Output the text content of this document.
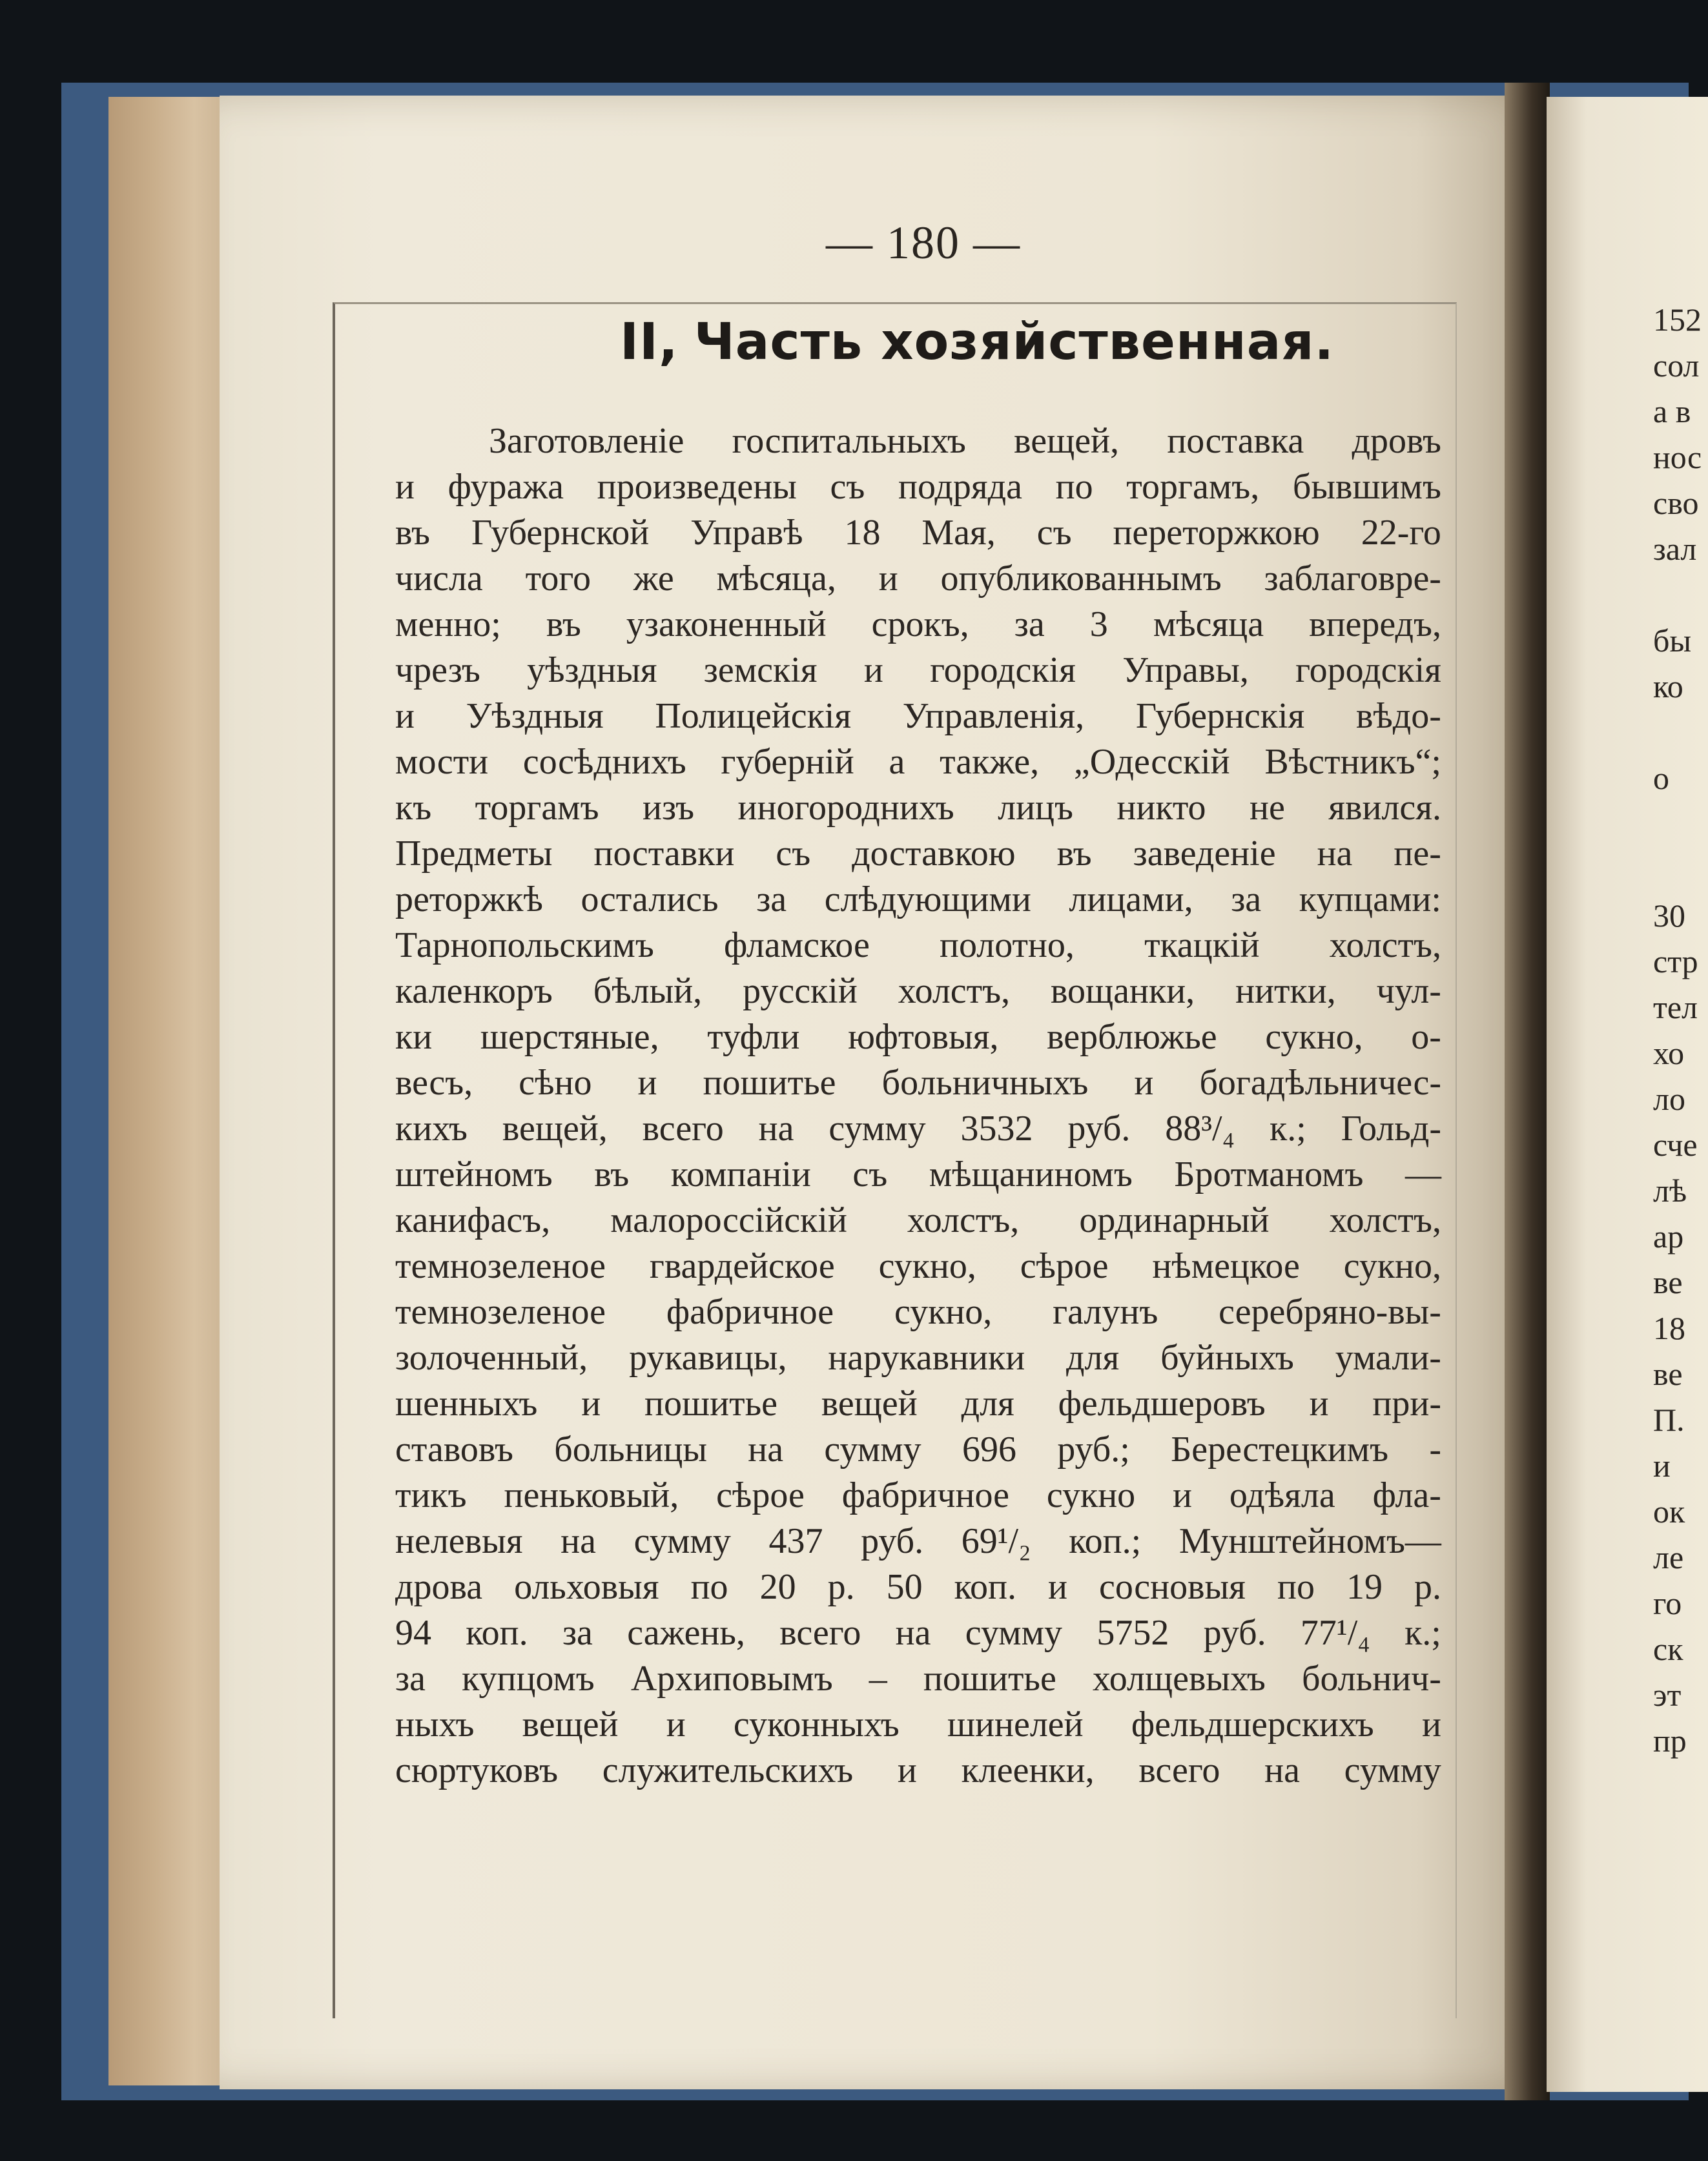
— 180 —
II, Часть хозяйственная.
Заготовленіе госпитальныхъ вещей, поставка дровъ
и фуража произведены съ подряда по торгамъ, бывшимъ
въ Губернской Управѣ 18 Мая, съ переторжкою 22-го
числа того же мѣсяца, и опубликованнымъ заблаговре-
менно; въ узаконенный срокъ, за 3 мѣсяца впередъ,
чрезъ уѣздныя земскія и городскія Управы, городскія
и Уѣздныя Полицейскія Управленія, Губернскія вѣдо-
мости сосѣднихъ губерній а также, „Одесскій Вѣстникъ“;
къ торгамъ изъ иногороднихъ лицъ никто не явился.
Предметы поставки съ доставкою въ заведеніе на пе-
реторжкѣ остались за слѣдующими лицами, за купцами:
Тарнопольскимъ фламское полотно, ткацкій холстъ,
каленкоръ бѣлый, русскій холстъ, вощанки, нитки, чул-
ки шерстяные, туфли юфтовыя, верблюжье сукно, о-
весъ, сѣно и пошитье больничныхъ и богадѣльничес-
кихъ вещей, всего на сумму 3532 руб. 88³/₄ к.; Гольд-
штейномъ въ компаніи съ мѣщаниномъ Бротманомъ —
канифасъ, малороссійскій холстъ, ординарный холстъ,
темнозеленое гвардейское сукно, сѣрое нѣмецкое сукно,
темнозеленое фабричное сукно, галунъ серебряно-вы-
золоченный, рукавицы, нарукавники для буйныхъ умали-
шенныхъ и пошитье вещей для фельдшеровъ и при-
ставовъ больницы на сумму 696 руб.; Берестецкимъ -
тикъ пеньковый, сѣрое фабричное сукно и одѣяла фла-
нелевыя на сумму 437 руб. 69¹/₂ коп.; Мунштейномъ—
дрова ольховыя по 20 р. 50 коп. и сосновыя по 19 р.
94 коп. за сажень, всего на сумму 5752 руб. 77¹/₄ к.;
за купцомъ Архиповымъ – пошитье холщевыхъ больнич-
ныхъ вещей и суконныхъ шинелей фельдшерскихъ и
сюртуковъ служительскихъ и клеенки, всего на сумму
152
сол
а в
нос
сво
зал
бы
ко
о
30
стр
тел
хо
ло
сче
лѣ
ар
ве
18
ве
П.
и
ок
ле
го
ск
эт
пр
